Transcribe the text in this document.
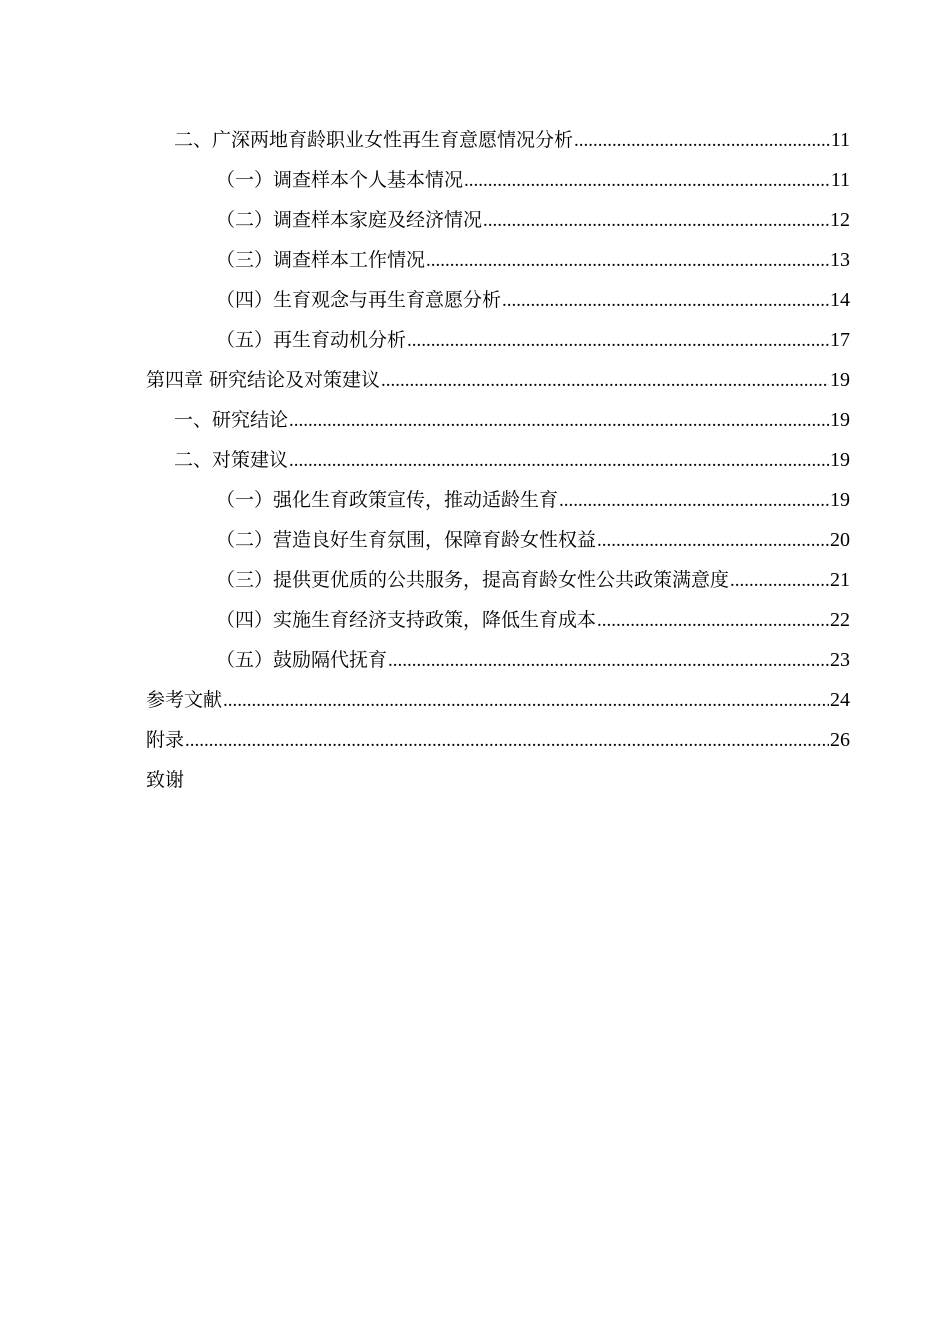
二、广深两地育龄职业女性再生育意愿情况分析 .....	11
（一）调查样本个人基本情况 .....	11
（二）调查样本家庭及经济情况 .....	12
（三）调查样本工作情况 .....	13
（四）生育观念与再生育意愿分析 .....	14
（五）再生育动机分析 .....	17
第四章 研究结论及对策建议 .....	19
一、研究结论 .....	19
二、对策建议 .....	19
（一）强化生育政策宣传，推动适龄生育 .....	19
（二）营造良好生育氛围，保障育龄女性权益 .....	20
（三）提供更优质的公共服务，提高育龄女性公共政策满意度 .....	21
（四）实施生育经济支持政策，降低生育成本 .....	22
（五）鼓励隔代抚育 .....	23
参考文献 .....	24
附录 .....	26
致谢
